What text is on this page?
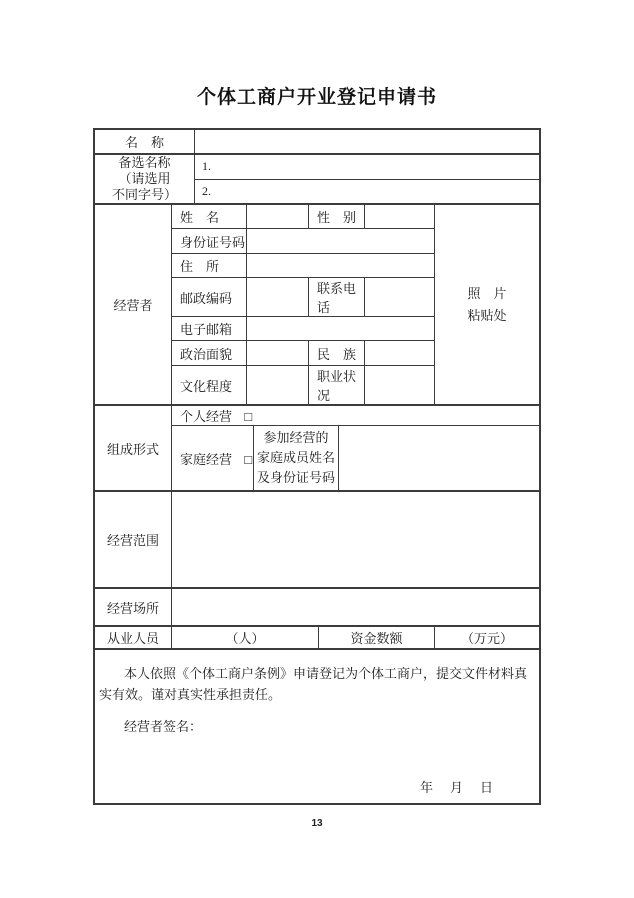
个体工商户开业登记申请书
名　称	
备选名称
（请选用
不同字号）
	1.
2.
经营者	姓　名		性　别		照　片
粘贴处

	身份证号码				
	住　所				
	邮政编码		联系电话		
	电子邮箱				
	政治面貌		民　族		
	文化程度		职业状况		
组成形式	个人经营 □		
	家庭经营 □	参加经营的
家庭成员姓名
及身份证号码	

经营范围	
经营场所	
从业人员	（人）	资金数额	（万元）

本人依照《个体工商户条例》申请登记为个体工商户，提交文件材料真实有效。谨对真实性承担责任。

经营者签名：

年　月　日
13
